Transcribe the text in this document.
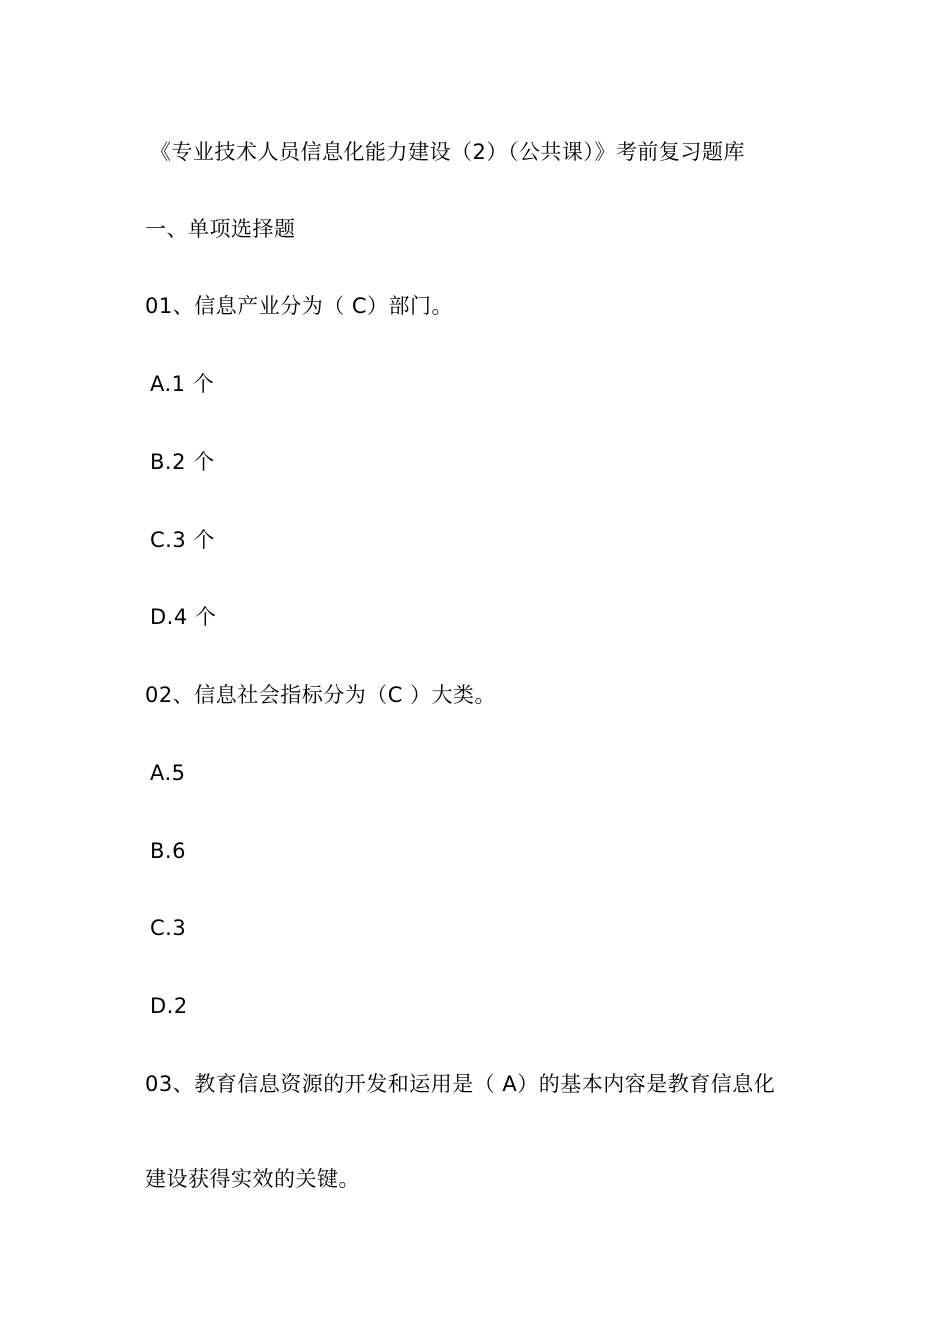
《专业技术人员信息化能力建设（2）（公共课）》考前复习题库
一、单项选择题
01、信息产业分为（ C）部门。
A.1 个
B.2 个
C.3 个
D.4 个
02、信息社会指标分为（C ）大类。
A.5
B.6
C.3
D.2
03、教育信息资源的开发和运用是（ A）的基本内容是教育信息化
建设获得实效的关键。
